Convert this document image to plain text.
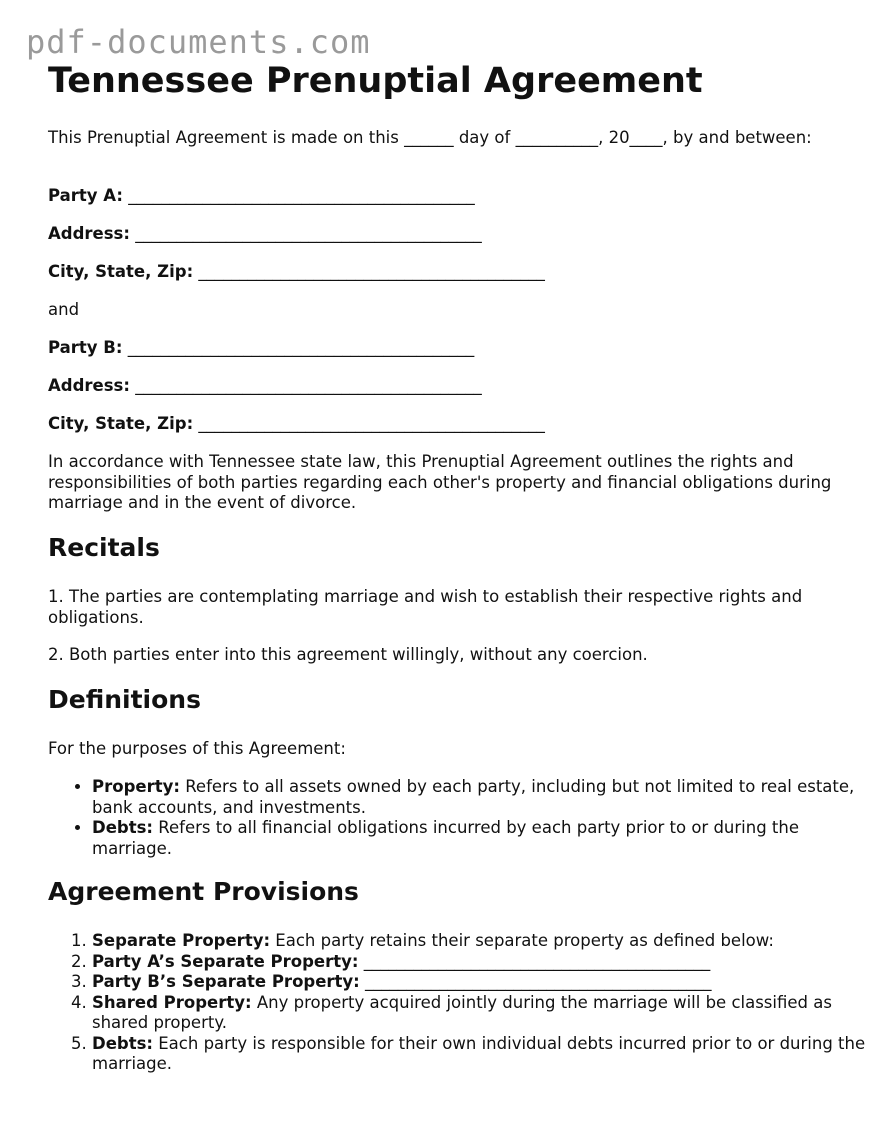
pdf-documents.com
Tennessee Prenuptial Agreement

This Prenuptial Agreement is made on this ______ day of __________, 20____, by and between:

Party A: __________________________________________
Address: __________________________________________
City, State, Zip: __________________________________________

and

Party B: __________________________________________
Address: __________________________________________
City, State, Zip: __________________________________________

In accordance with Tennessee state law, this Prenuptial Agreement outlines the rights and responsibilities of both parties regarding each other's property and financial obligations during marriage and in the event of divorce.

Recitals

1. The parties are contemplating marriage and wish to establish their respective rights and obligations.

2. Both parties enter into this agreement willingly, without any coercion.

Definitions

For the purposes of this Agreement:

• Property: Refers to all assets owned by each party, including but not limited to real estate, bank accounts, and investments.
• Debts: Refers to all financial obligations incurred by each party prior to or during the marriage.
Agreement Provisions
1. Separate Property: Each party retains their separate property as defined below:
2. Party A’s Separate Property: __________________________________________
3. Party B’s Separate Property: __________________________________________
4. Shared Property: Any property acquired jointly during the marriage will be classified as shared property.
5. Debts: Each party is responsible for their own individual debts incurred prior to or during the marriage.
